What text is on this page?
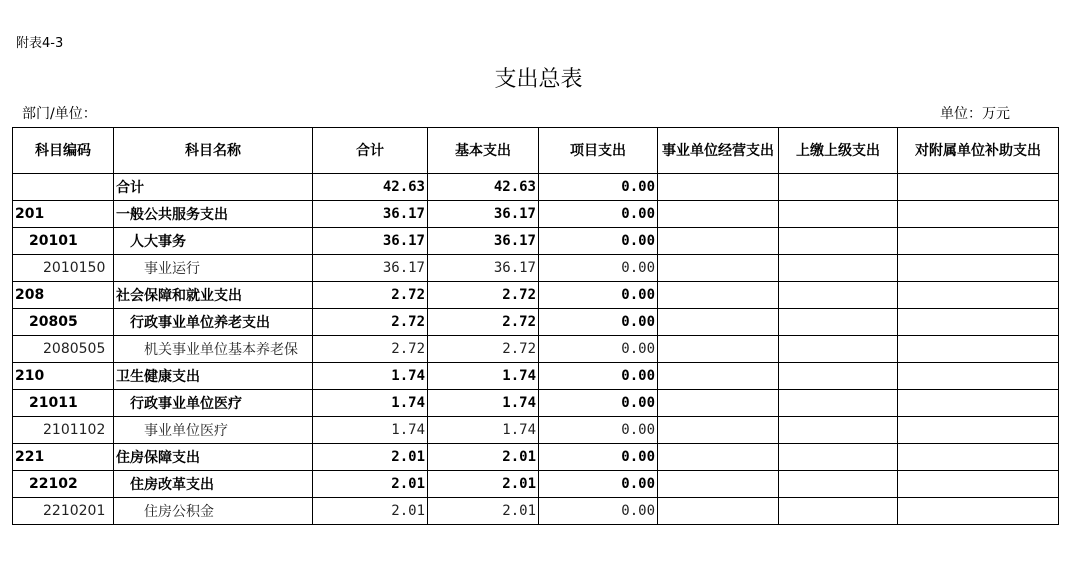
附表4-3
支出总表
部门/单位：	单位：万元
科目编码	科目名称	合计	基本支出	项目支出	事业单位经营支出	上缴上级支出	对附属单位补助支出
	合计	42.63	42.63	0.00			
201	一般公共服务支出	36.17	36.17	0.00			
20101	人大事务	36.17	36.17	0.00			
2010150	事业运行	36.17	36.17	0.00			
208	社会保障和就业支出	2.72	2.72	0.00			
20805	行政事业单位养老支出	2.72	2.72	0.00			
2080505	机关事业单位基本养老保	2.72	2.72	0.00			
210	卫生健康支出	1.74	1.74	0.00			
21011	行政事业单位医疗	1.74	1.74	0.00			
2101102	事业单位医疗	1.74	1.74	0.00			
221	住房保障支出	2.01	2.01	0.00			
22102	住房改革支出	2.01	2.01	0.00			
2210201	住房公积金	2.01	2.01	0.00			
